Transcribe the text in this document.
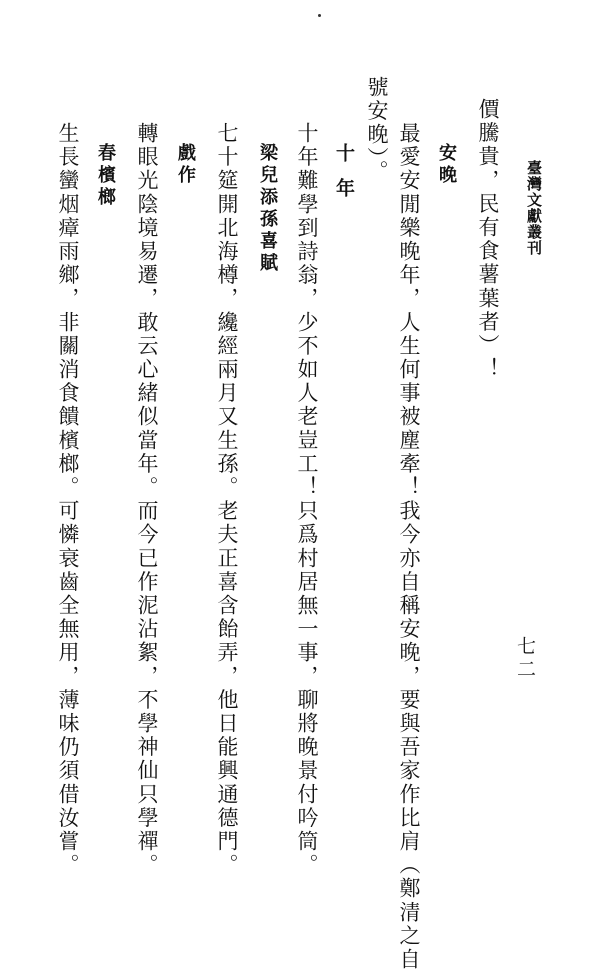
臺灣文獻叢刊
七二
價騰貴，民有食薯葉者）！
安晚
最愛安閒樂晚年，人生何事被塵牽！我今亦自稱安晚，要與吾家作比肩（鄭清之自
號安晚）。
十年
十年難學到詩翁，少不如人老豈工！只爲村居無一事，聊將晚景付吟筒。
梁兒添孫喜賦
七十筵開北海樽，纔經兩月又生孫。老夫正喜含飴弄，他日能興通德門。
戲作
轉眼光陰境易遷，敢云心緒似當年。而今已作泥沾絮，不學神仙只學禪。
春檳榔
生長蠻烟瘴雨鄉，非關消食饋檳榔。可憐衰齒全無用，薄味仍須借汝嘗。
